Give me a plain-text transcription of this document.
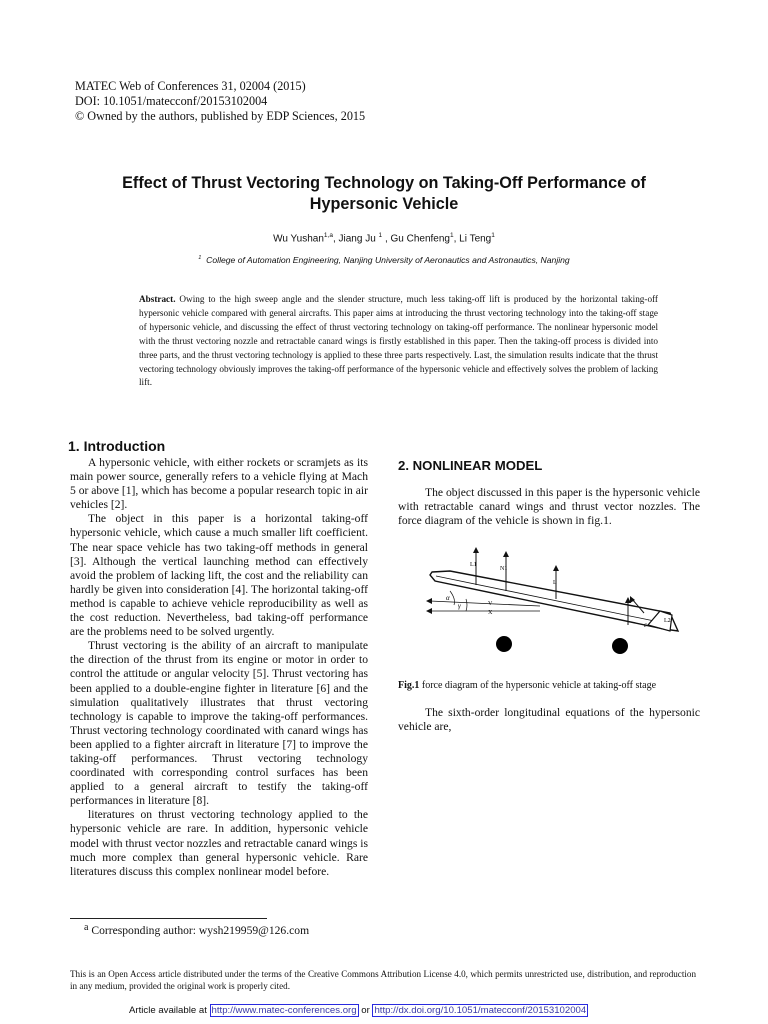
MATEC Web of Conferences 31, 02004 (2015)
DOI: 10.1051/matecconf/20153102004
© Owned by the authors, published by EDP Sciences, 2015
Effect of Thrust Vectoring Technology on Taking-Off Performance of
Hypersonic Vehicle
Wu Yushan$^{1,a}$, Jiang Ju $^1$ , Gu Chenfeng$^1$, Li Teng$^1$
$^1$ College of Automation Engineering, Nanjing University of Aeronautics and Astronautics, Nanjing
Abstract. Owing to the high sweep angle and the slender structure, much less taking-off lift is produced by the horizontal taking-off hypersonic vehicle compared with general aircrafts. This paper aims at introducing the thrust vectoring technology into the taking-off stage of hypersonic vehicle, and discussing the effect of thrust vectoring technology on taking-off performance. The nonlinear hypersonic model with the thrust vectoring nozzle and retractable canard wings is firstly established in this paper. Then the taking-off process is divided into three parts, and the thrust vectoring technology is applied to these three parts respectively. Last, the simulation results indicate that the thrust vectoring technology obviously improves the taking-off performance of the hypersonic vehicle and effectively solves the problem of lacking lift.
1. Introduction

A hypersonic vehicle, with either rockets or scramjets as its main power source, generally refers to a vehicle flying at Mach 5 or above [1], which has become a popular research topic in air vehicles [2].

The object in this paper is a horizontal taking-off hypersonic vehicle, which cause a much smaller lift coefficient. The near space vehicle has two taking-off methods in general [3]. Although the vertical launching method can effectively avoid the problem of lacking lift, the cost and the reliability can hardly be given into consideration [4]. The horizontal taking-off method is capable to achieve vehicle reproducibility as well as the cost reduction. Nevertheless, bad taking-off performance are the problems need to be solved urgently.

Thrust vectoring is the ability of an aircraft to manipulate the direction of the thrust from its engine or motor in order to control the attitude or angular velocity [5]. Thrust vectoring has been applied to a double-engine fighter in literature [6] and the simulation qualitatively illustrates that thrust vectoring technology is capable to improve the taking-off performances. Thrust vectoring technology coordinated with canard wings has been applied to a fighter aircraft in literature [7] to improve the taking-off performances. Thrust vectoring technology coordinated with corresponding control surfaces has been applied to a general aircraft to testify the taking-off performances in literature [8].

literatures on thrust vectoring technology applied to the hypersonic vehicle are rare. In addition, hypersonic vehicle model with thrust vector nozzles and retractable canard wings is much more complex than general hypersonic vehicle. Rare literatures discuss this complex nonlinear model before.

2. NONLINEAR MODEL

The object discussed in this paper is the hypersonic vehicle with retractable canard wings and thrust vector nozzles. The force diagram of the vehicle is shown in fig.1.

L1
N1
L
N2
L2
α
γ	V
X
ε
Fig.1 force diagram of the hypersonic vehicle at taking-off stage

The sixth-order longitudinal equations of the hypersonic vehicle are,

$^a$ Corresponding author: wysh219959@126.com
This is an Open Access article distributed under the terms of the Creative Commons Attribution License 4.0, which permits unrestricted use, distribution, and reproduction in any medium, provided the original work is properly cited.
Article available at http://www.matec-conferences.org or http://dx.doi.org/10.1051/matecconf/20153102004
